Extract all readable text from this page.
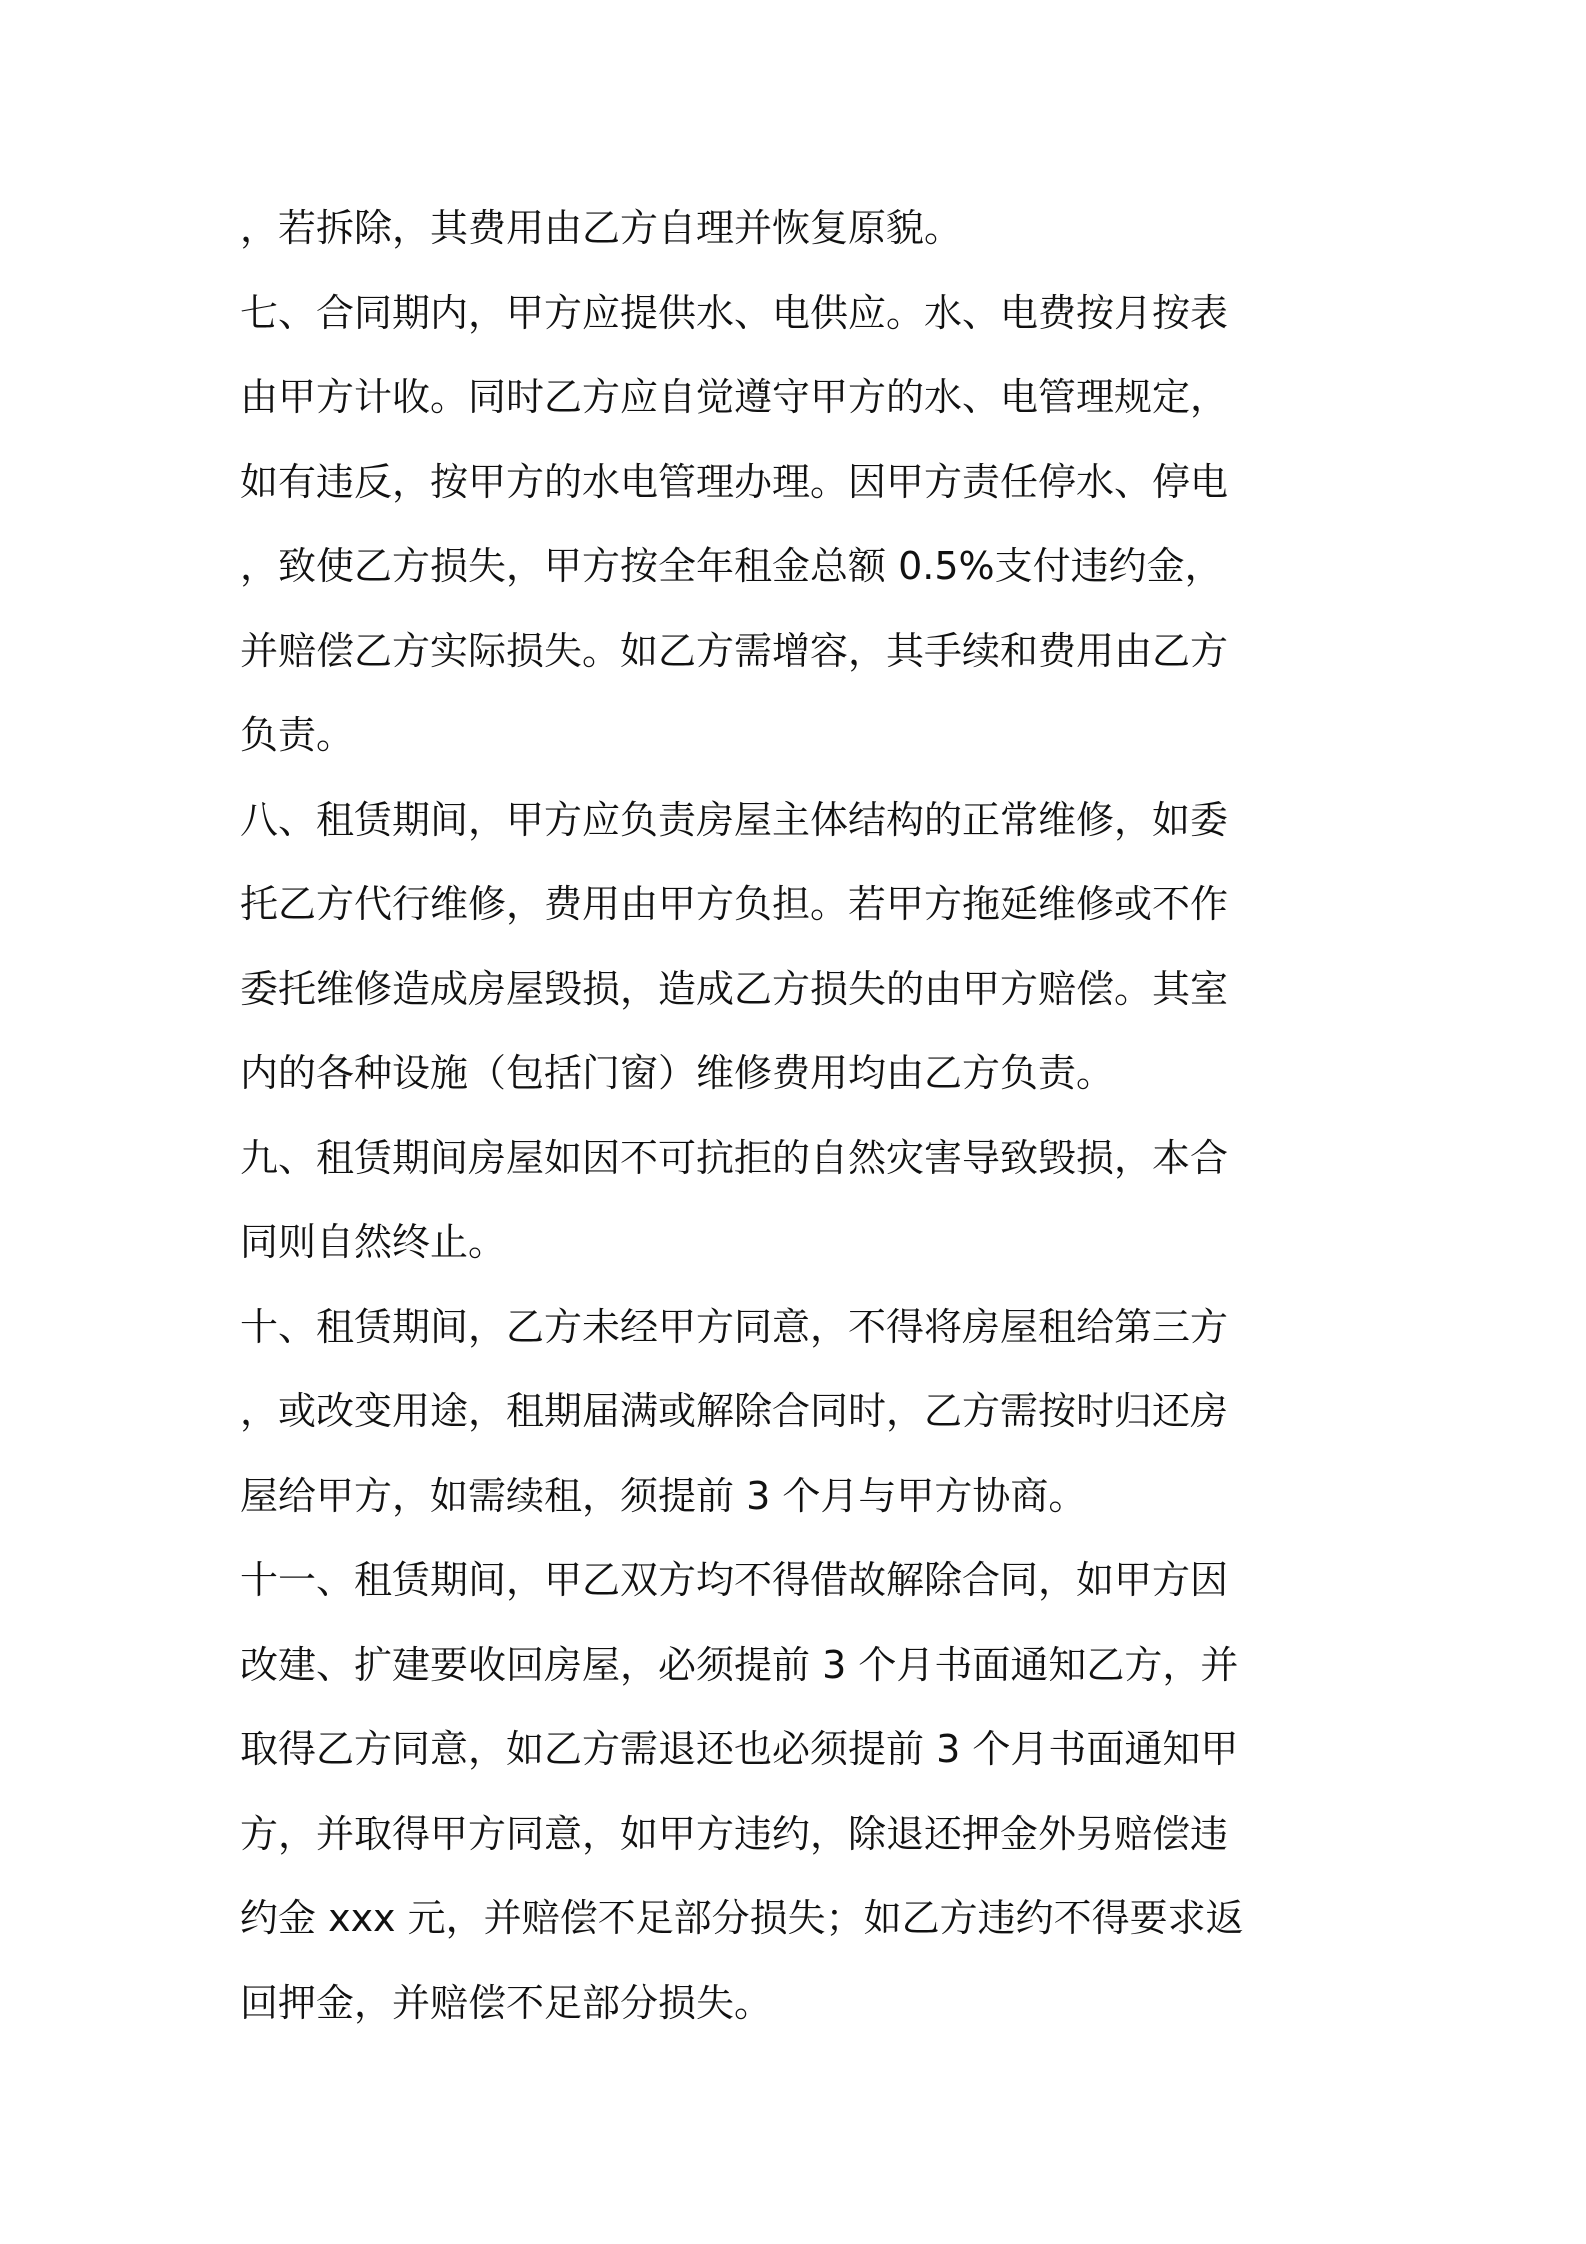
，若拆除，其费用由乙方自理并恢复原貌。
七、合同期内，甲方应提供水、电供应。水、电费按月按表
由甲方计收。同时乙方应自觉遵守甲方的水、电管理规定，
如有违反，按甲方的水电管理办理。因甲方责任停水、停电
，致使乙方损失，甲方按全年租金总额 0.5%支付违约金，
并赔偿乙方实际损失。如乙方需增容，其手续和费用由乙方
负责。
八、租赁期间，甲方应负责房屋主体结构的正常维修，如委
托乙方代行维修，费用由甲方负担。若甲方拖延维修或不作
委托维修造成房屋毁损，造成乙方损失的由甲方赔偿。其室
内的各种设施（包括门窗）维修费用均由乙方负责。
九、租赁期间房屋如因不可抗拒的自然灾害导致毁损，本合
同则自然终止。
十、租赁期间，乙方未经甲方同意，不得将房屋租给第三方
，或改变用途，租期届满或解除合同时，乙方需按时归还房
屋给甲方，如需续租，须提前 3 个月与甲方协商。
十一、租赁期间，甲乙双方均不得借故解除合同，如甲方因
改建、扩建要收回房屋，必须提前 3 个月书面通知乙方，并
取得乙方同意，如乙方需退还也必须提前 3 个月书面通知甲
方，并取得甲方同意，如甲方违约，除退还押金外另赔偿违
约金 xxx 元，并赔偿不足部分损失；如乙方违约不得要求返
回押金，并赔偿不足部分损失。
